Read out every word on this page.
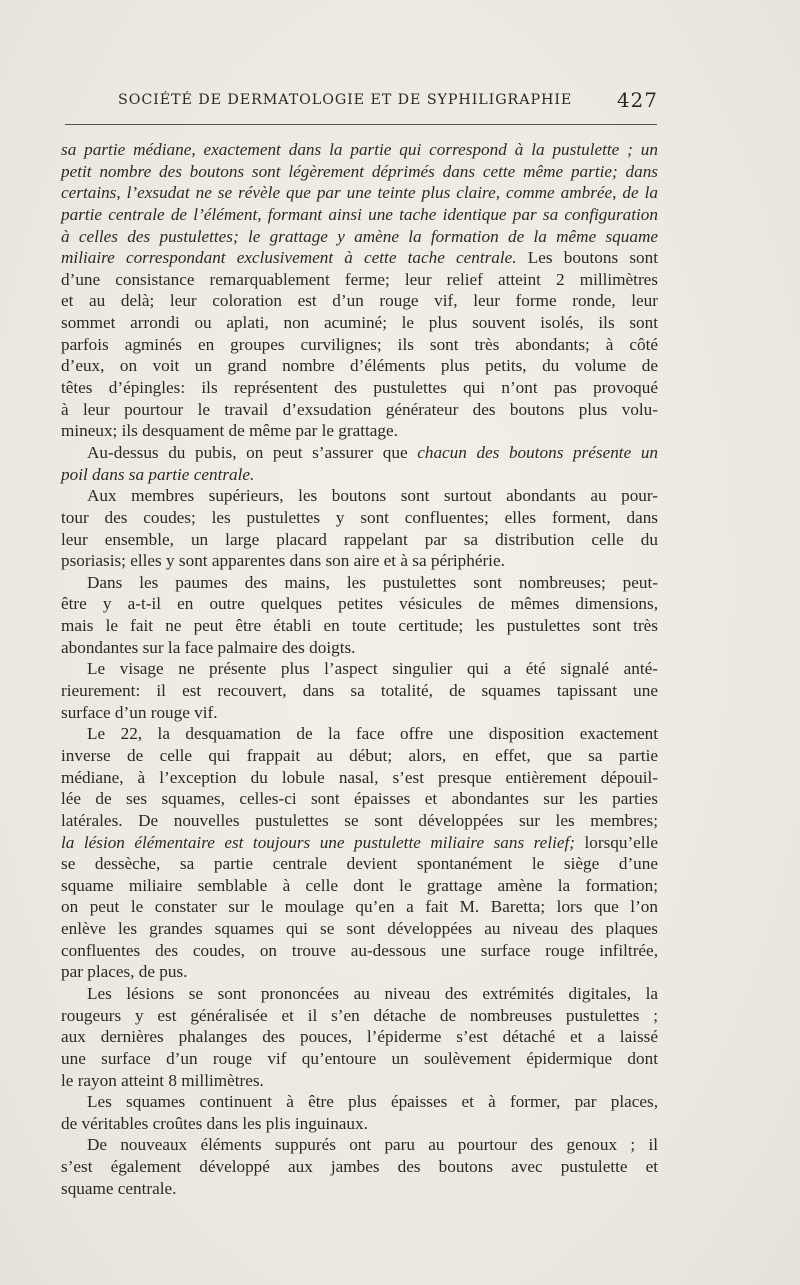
SOCIÉTÉ DE DERMATOLOGIE ET DE SYPHILIGRAPHIE 427
sa partie médiane, exactement dans la partie qui correspond à la pustulette ; un
petit nombre des boutons sont légèrement déprimés dans cette même partie; dans
certains, l’exsudat ne se révèle que par une teinte plus claire, comme ambrée, de la
partie centrale de l’élément, formant ainsi une tache identique par sa configuration
à celles des pustulettes; le grattage y amène la formation de la même squame
miliaire correspondant exclusivement à cette tache centrale. Les boutons sont
d’une consistance remarquablement ferme; leur relief atteint 2 millimètres
et au delà; leur coloration est d’un rouge vif, leur forme ronde, leur
sommet arrondi ou aplati, non acuminé; le plus souvent isolés, ils sont
parfois agminés en groupes curvilignes; ils sont très abondants; à côté
d’eux, on voit un grand nombre d’éléments plus petits, du volume de
têtes d’épingles: ils représentent des pustulettes qui n’ont pas provoqué
à leur pourtour le travail d’exsudation générateur des boutons plus volu-
mineux; ils desquament de même par le grattage.
Au-dessus du pubis, on peut s’assurer que chacun des boutons présente un
poil dans sa partie centrale.
Aux membres supérieurs, les boutons sont surtout abondants au pour-
tour des coudes; les pustulettes y sont confluentes; elles forment, dans
leur ensemble, un large placard rappelant par sa distribution celle du
psoriasis; elles y sont apparentes dans son aire et à sa périphérie.
Dans les paumes des mains, les pustulettes sont nombreuses; peut-
être y a-t-il en outre quelques petites vésicules de mêmes dimensions,
mais le fait ne peut être établi en toute certitude; les pustulettes sont très
abondantes sur la face palmaire des doigts.
Le visage ne présente plus l’aspect singulier qui a été signalé anté-
rieurement: il est recouvert, dans sa totalité, de squames tapissant une
surface d’un rouge vif.
Le 22, la desquamation de la face offre une disposition exactement
inverse de celle qui frappait au début; alors, en effet, que sa partie
médiane, à l’exception du lobule nasal, s’est presque entièrement dépouil-
lée de ses squames, celles-ci sont épaisses et abondantes sur les parties
latérales. De nouvelles pustulettes se sont développées sur les membres;
la lésion élémentaire est toujours une pustulette miliaire sans relief; lorsqu’elle
se dessèche, sa partie centrale devient spontanément le siège d’une
squame miliaire semblable à celle dont le grattage amène la formation;
on peut le constater sur le moulage qu’en a fait M. Baretta; lors que l’on
enlève les grandes squames qui se sont développées au niveau des plaques
confluentes des coudes, on trouve au-dessous une surface rouge infiltrée,
par places, de pus.
Les lésions se sont prononcées au niveau des extrémités digitales, la
rougeurs y est généralisée et il s’en détache de nombreuses pustulettes ;
aux dernières phalanges des pouces, l’épiderme s’est détaché et a laissé
une surface d’un rouge vif qu’entoure un soulèvement épidermique dont
le rayon atteint 8 millimètres.
Les squames continuent à être plus épaisses et à former, par places,
de véritables croûtes dans les plis inguinaux.
De nouveaux éléments suppurés ont paru au pourtour des genoux ; il
s’est également développé aux jambes des boutons avec pustulette et
squame centrale.
